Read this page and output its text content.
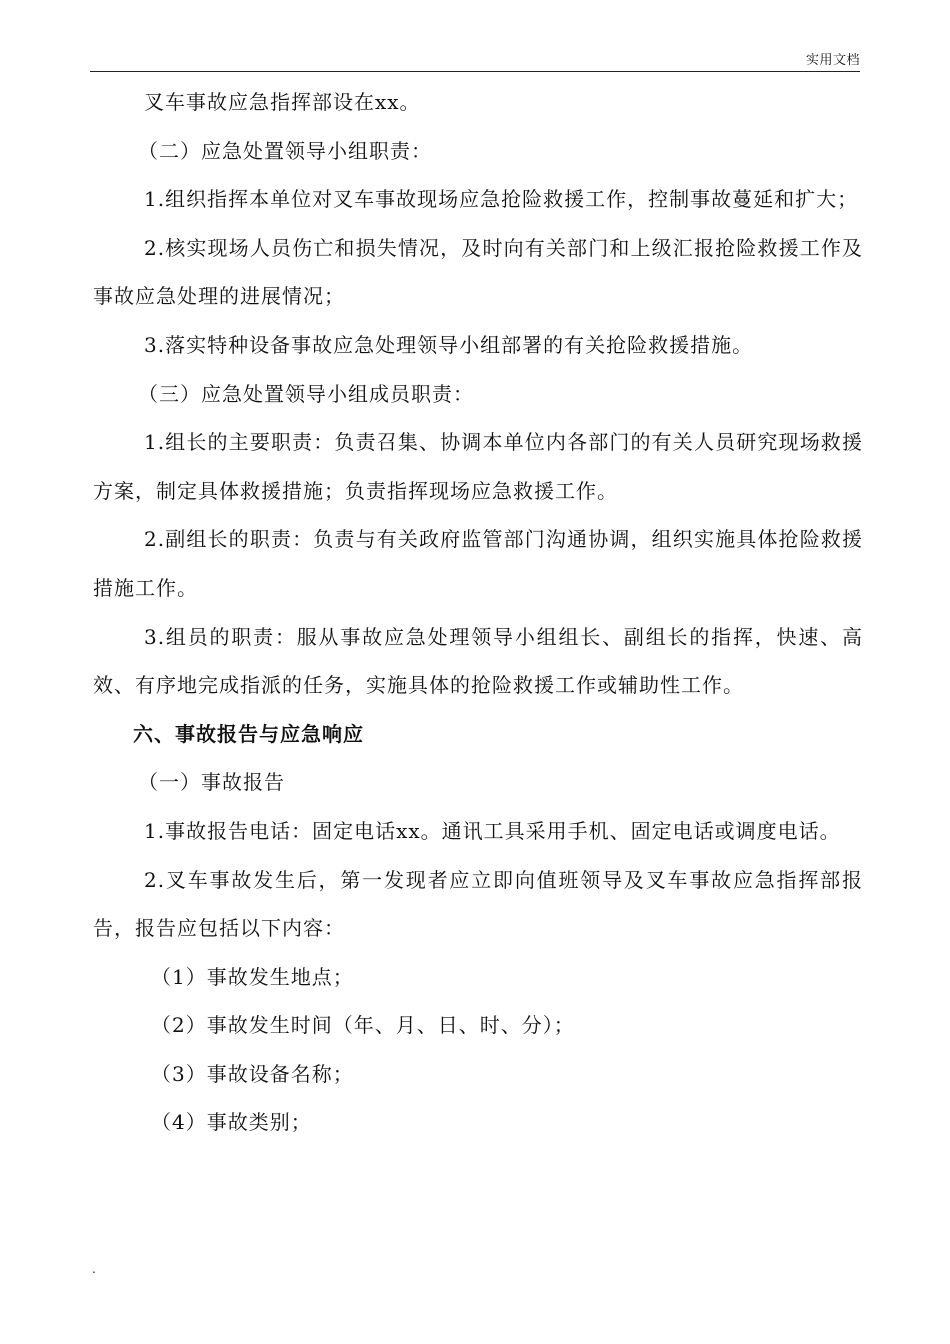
实用文档

叉车事故应急指挥部设在xx。

（二）应急处置领导小组职责：

1.组织指挥本单位对叉车事故现场应急抢险救援工作，控制事故蔓延和扩大；

2.核实现场人员伤亡和损失情况，及时向有关部门和上级汇报抢险救援工作及事故应急处理的进展情况；

3.落实特种设备事故应急处理领导小组部署的有关抢险救援措施。

（三）应急处置领导小组成员职责：

1.组长的主要职责：负责召集、协调本单位内各部门的有关人员研究现场救援方案，制定具体救援措施；负责指挥现场应急救援工作。

2.副组长的职责：负责与有关政府监管部门沟通协调，组织实施具体抢险救援措施工作。

3.组员的职责：服从事故应急处理领导小组组长、副组长的指挥，快速、高效、有序地完成指派的任务，实施具体的抢险救援工作或辅助性工作。

六、事故报告与应急响应

（一）事故报告

1.事故报告电话：固定电话xx。通讯工具采用手机、固定电话或调度电话。

2.叉车事故发生后，第一发现者应立即向值班领导及叉车事故应急指挥部报告，报告应包括以下内容：

（1）事故发生地点；

（2）事故发生时间（年、月、日、时、分）；

（3）事故设备名称；

（4）事故类别；

.
